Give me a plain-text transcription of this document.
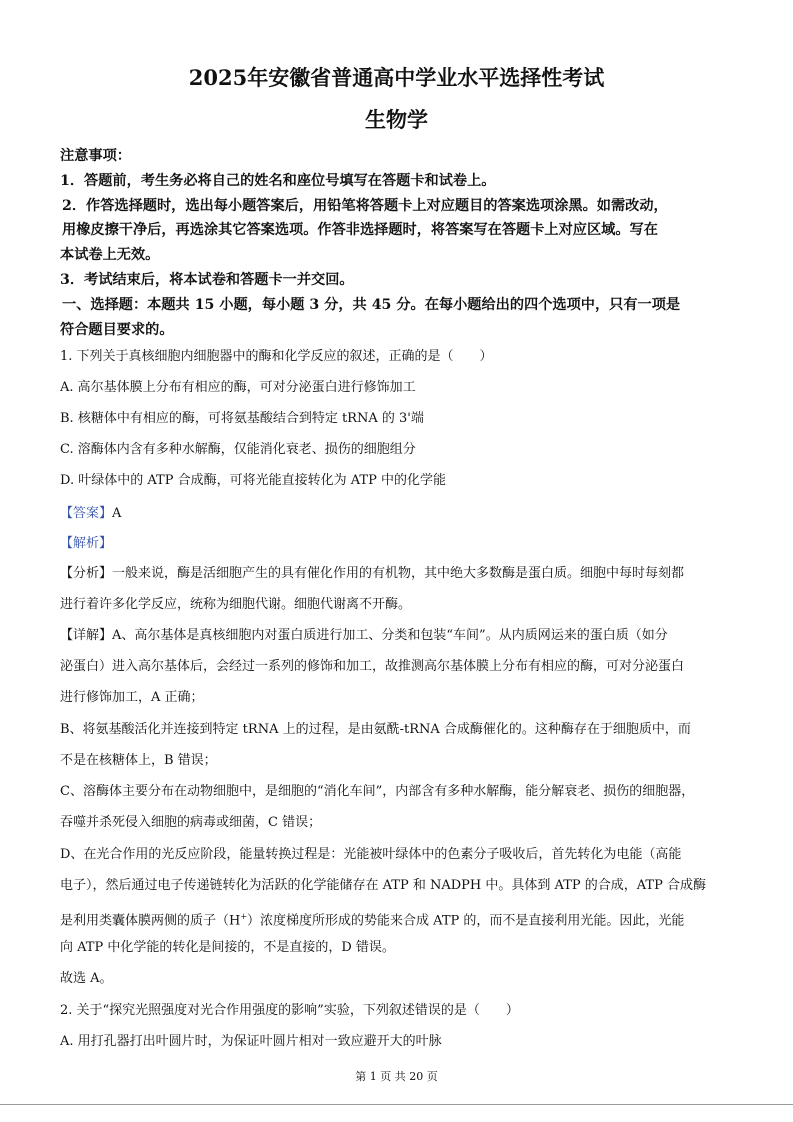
2025年安徽省普通高中学业水平选择性考试
生物学
注意事项：
1．答题前，考生务必将自己的姓名和座位号填写在答题卡和试卷上。
2．作答选择题时，选出每小题答案后，用铅笔将答题卡上对应题目的答案选项涂黑。如需改动，
用橡皮擦干净后，再选涂其它答案选项。作答非选择题时，将答案写在答题卡上对应区域。写在
本试卷上无效。
3．考试结束后，将本试卷和答题卡一并交回。
一、选择题：本题共 15 小题，每小题 3 分，共 45 分。在每小题给出的四个选项中，只有一项是
符合题目要求的。
1. 下列关于真核细胞内细胞器中的酶和化学反应的叙述，正确的是（　　）
A. 高尔基体膜上分布有相应的酶，可对分泌蛋白进行修饰加工
B. 核糖体中有相应的酶，可将氨基酸结合到特定 tRNA 的 3'端
C. 溶酶体内含有多种水解酶，仅能消化衰老、损伤的细胞组分
D. 叶绿体中的 ATP 合成酶，可将光能直接转化为 ATP 中的化学能
【答案】A
【解析】
【分析】一般来说，酶是活细胞产生的具有催化作用的有机物，其中绝大多数酶是蛋白质。细胞中每时每刻都
进行着许多化学反应，统称为细胞代谢。细胞代谢离不开酶。
【详解】A、高尔基体是真核细胞内对蛋白质进行加工、分类和包装“车间”。从内质网运来的蛋白质（如分
泌蛋白）进入高尔基体后，会经过一系列的修饰和加工，故推测高尔基体膜上分布有相应的酶，可对分泌蛋白
进行修饰加工，A 正确；
B、将氨基酸活化并连接到特定 tRNA 上的过程，是由氨酰-tRNA 合成酶催化的。这种酶存在于细胞质中，而
不是在核糖体上，B 错误；
C、溶酶体主要分布在动物细胞中，是细胞的“消化车间”，内部含有多种水解酶，能分解衰老、损伤的细胞器，
吞噬并杀死侵入细胞的病毒或细菌，C 错误；
D、在光合作用的光反应阶段，能量转换过程是：光能被叶绿体中的色素分子吸收后，首先转化为电能（高能
电子），然后通过电子传递链转化为活跃的化学能储存在 ATP 和 NADPH 中。具体到 ATP 的合成，ATP 合成酶
是利用类囊体膜两侧的质子（H+）浓度梯度所形成的势能来合成 ATP 的，而不是直接利用光能。因此，光能
向 ATP 中化学能的转化是间接的，不是直接的，D 错误。
故选 A。
2. 关于“探究光照强度对光合作用强度的影响”实验，下列叙述错误的是（　　）
A. 用打孔器打出叶圆片时，为保证叶圆片相对一致应避开大的叶脉
第 1 页 共 20 页
